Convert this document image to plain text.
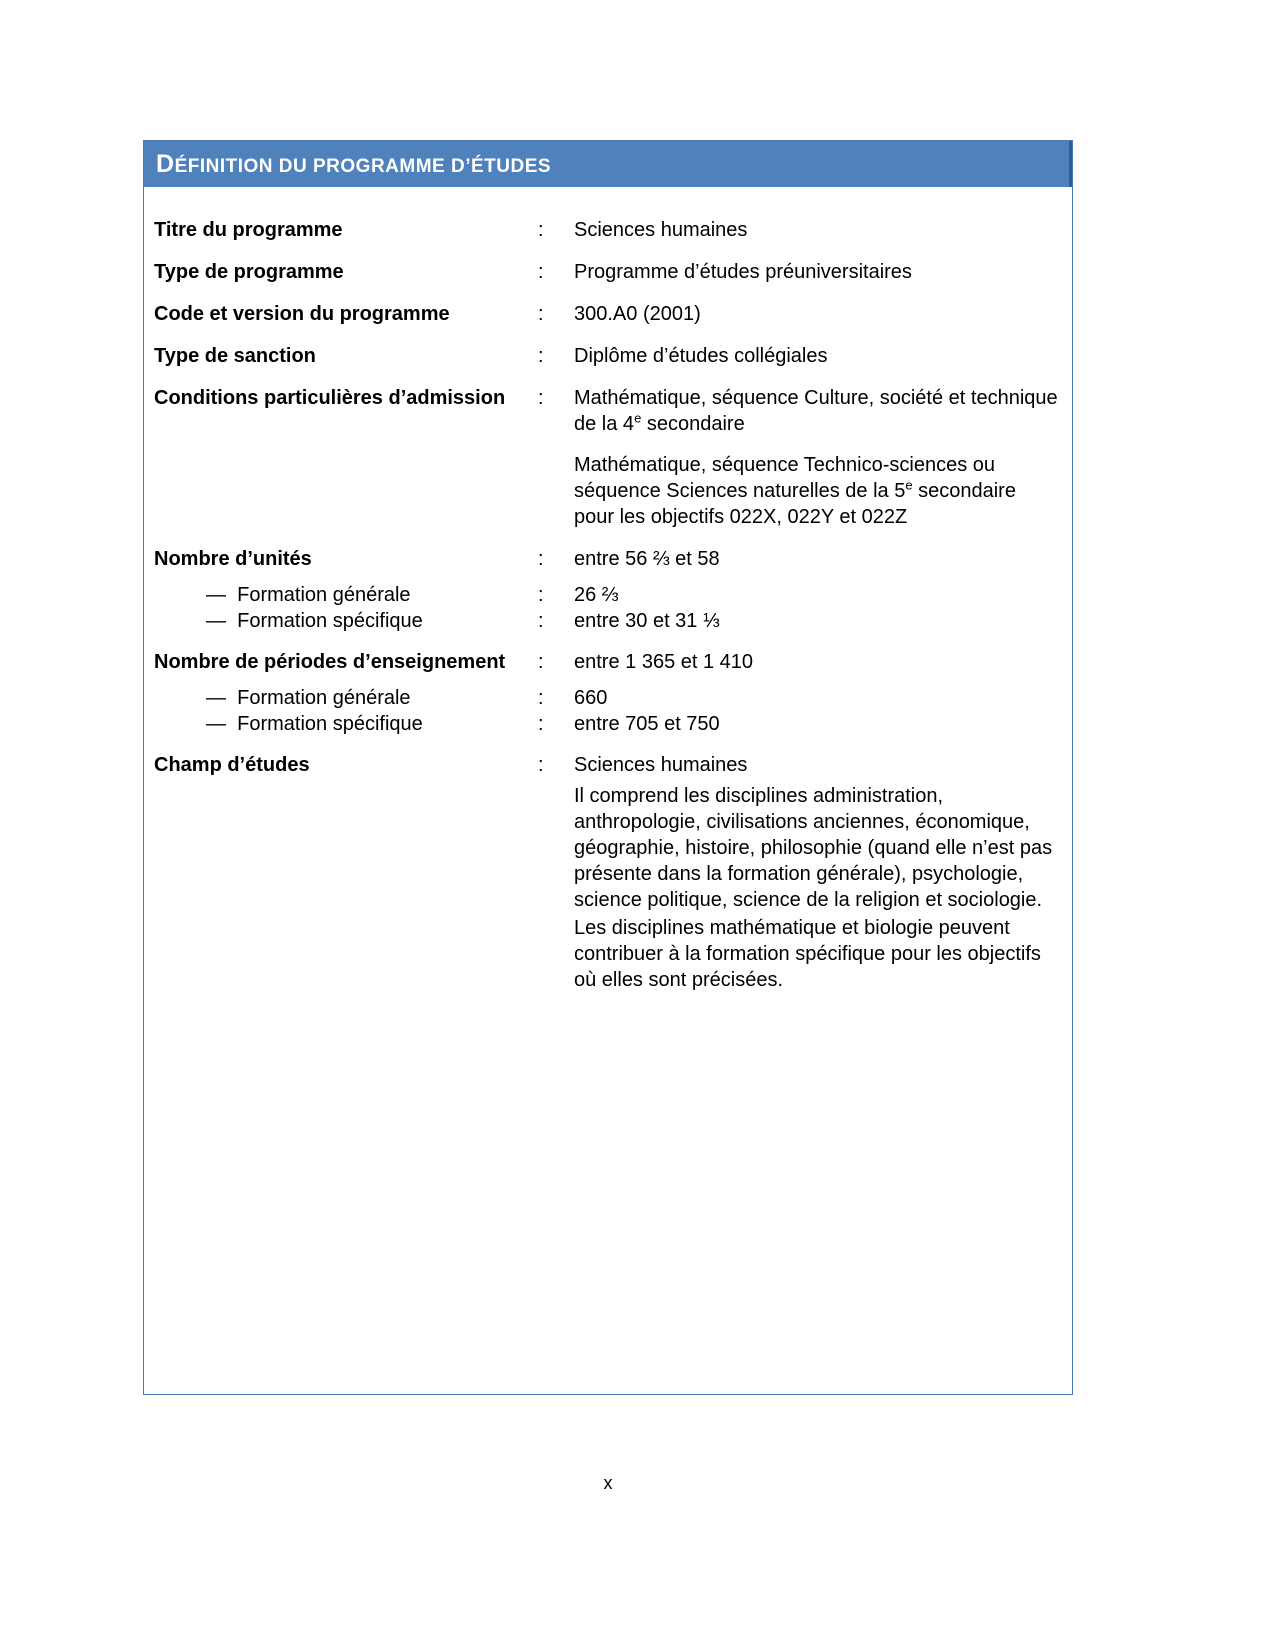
DÉFINITION DU PROGRAMME D’ÉTUDES
Titre du programme	:	Sciences humaines
Type de programme	:	Programme d’études préuniversitaires
Code et version du programme	:	300.A0 (2001)
Type de sanction	:	Diplôme d’études collégiales
Conditions particulières d’admission	:	Mathématique, séquence Culture, société et technique de la 4e secondaire

Mathématique, séquence Technico-sciences ou séquence Sciences naturelles de la 5e secondaire pour les objectifs 022X, 022Y et 022Z

Nombre d’unités	:	entre 56 ⅔ et 58
—  Formation générale	:	26 ⅔
—  Formation spécifique	:	entre 30 et 31 ⅓
Nombre de périodes d’enseignement	:	entre 1 365 et 1 410
—  Formation générale	:	660
—  Formation spécifique	:	entre 705 et 750
Champ d’études	:	Sciences humaines

Il comprend les disciplines administration, anthropologie, civilisations anciennes, économique, géographie, histoire, philosophie (quand elle n’est pas présente dans la formation générale), psychologie, science politique, science de la religion et sociologie.

Les disciplines mathématique et biologie peuvent contribuer à la formation spécifique pour les objectifs où elles sont précisées.

x
